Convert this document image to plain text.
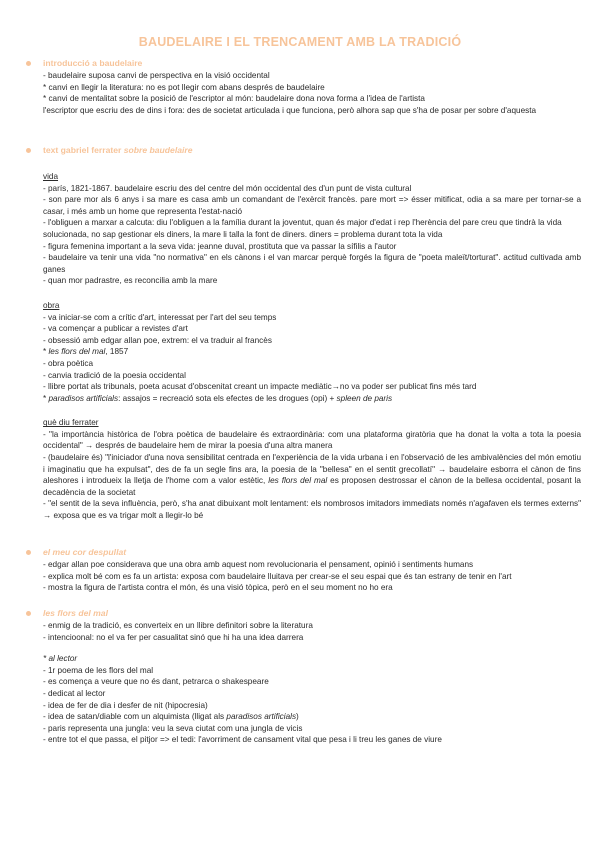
BAUDELAIRE I EL TRENCAMENT AMB LA TRADICIÓ
introducció a baudelaire
- baudelaire suposa canvi de perspectiva en la visió occidental
* canvi en llegir la literatura: no es pot llegir com abans després de baudelaire
* canvi de mentalitat sobre la posició de l'escriptor al món: baudelaire dona nova forma a l'idea de l'artista
l'escriptor que escriu des de dins i fora: des de societat articulada i que funciona, però alhora sap que s'ha de posar per sobre d'aquesta
text gabriel ferrater sobre baudelaire
vida
- parís, 1821-1867. baudelaire escriu des del centre del món occidental des d'un punt de vista cultural
- son pare mor als 6 anys i sa mare es casa amb un comandant de l'exèrcit francès. pare mort => ésser mitificat, odia a sa mare per tornar-se a casar, i més amb un home que representa l'estat-nació
- l'obliguen a marxar a calcuta: diu l'obliguen a la família durant la joventut, quan és major d'edat i rep l'herència del pare creu que tindrà la vida solucionada, no sap gestionar els diners, la mare li talla la font de diners. diners = problema durant tota la vida
- figura femenina important a la seva vida: jeanne duval, prostituta que va passar la sífilis a l'autor
- baudelaire va tenir una vida "no normativa" en els cànons i el van marcar perquè forgés la figura de "poeta maleït/torturat". actitud cultivada amb ganes
- quan mor padrastre, es reconcilia amb la mare
obra
- va iniciar-se com a crític d'art, interessat per l'art del seu temps
- va començar a publicar a revistes d'art
- obsessió amb edgar allan poe, extrem: el va traduir al francès
* les flors del mal, 1857
- obra poètica
- canvia tradició de la poesia occidental
- llibre portat als tribunals, poeta acusat d'obscenitat creant un impacte mediàtic→no va poder ser publicat fins més tard
* paradisos artificials: assajos = recreació sota els efectes de les drogues (opi) + spleen de paris
què diu ferrater
- "la importància històrica de l'obra poètica de baudelaire és extraordinària: com una plataforma giratòria que ha donat la volta a tota la poesia occidental" → després de baudelaire hem de mirar la poesia d'una altra manera
- (baudelaire és) "l'iniciador d'una nova sensibilitat centrada en l'experiència de la vida urbana i en l'observació de les ambivalències del món emotiu i imaginatiu que ha expulsat", des de fa un segle fins ara, la poesia de la "bellesa" en el sentit grecollatí" → baudelaire esborra el cànon de fins aleshores i introdueix la lletja de l'home com a valor estètic, les flors del mal es proposen destrossar el cànon de la bellesa occidental, posant la decadència de la societat
- "el sentit de la seva influència, però, s'ha anat dibuixant molt lentament: els nombrosos imitadors immediats només n'agafaven els termes externs" → exposa que es va trigar molt a llegir-lo bé
el meu cor despullat
- edgar allan poe considerava que una obra amb aquest nom revolucionaria el pensament, opinió i sentiments humans
- explica molt bé com es fa un artista: exposa com baudelaire lluitava per crear-se el seu espai que és tan estrany de tenir en l'art
- mostra la figura de l'artista contra el món, és una visió tòpica, però en el seu moment no ho era
les flors del mal
- enmig de la tradició, es converteix en un llibre definitori sobre la literatura
- intencioonal: no el va fer per casualitat sinó que hi ha una idea darrera
* al lector
- 1r poema de les flors del mal
- es comença a veure que no és dant, petrarca o shakespeare
- dedicat al lector
- idea de fer de dia i desfer de nit (hipocresia)
- idea de satan/diable com un alquimista (lligat als paradisos artificials)
- paris representa una jungla: veu la seva ciutat com una jungla de vicis
- entre tot el que passa, el pitjor => el tedi: l'avorriment de cansament vital que pesa i li treu les ganes de viure
